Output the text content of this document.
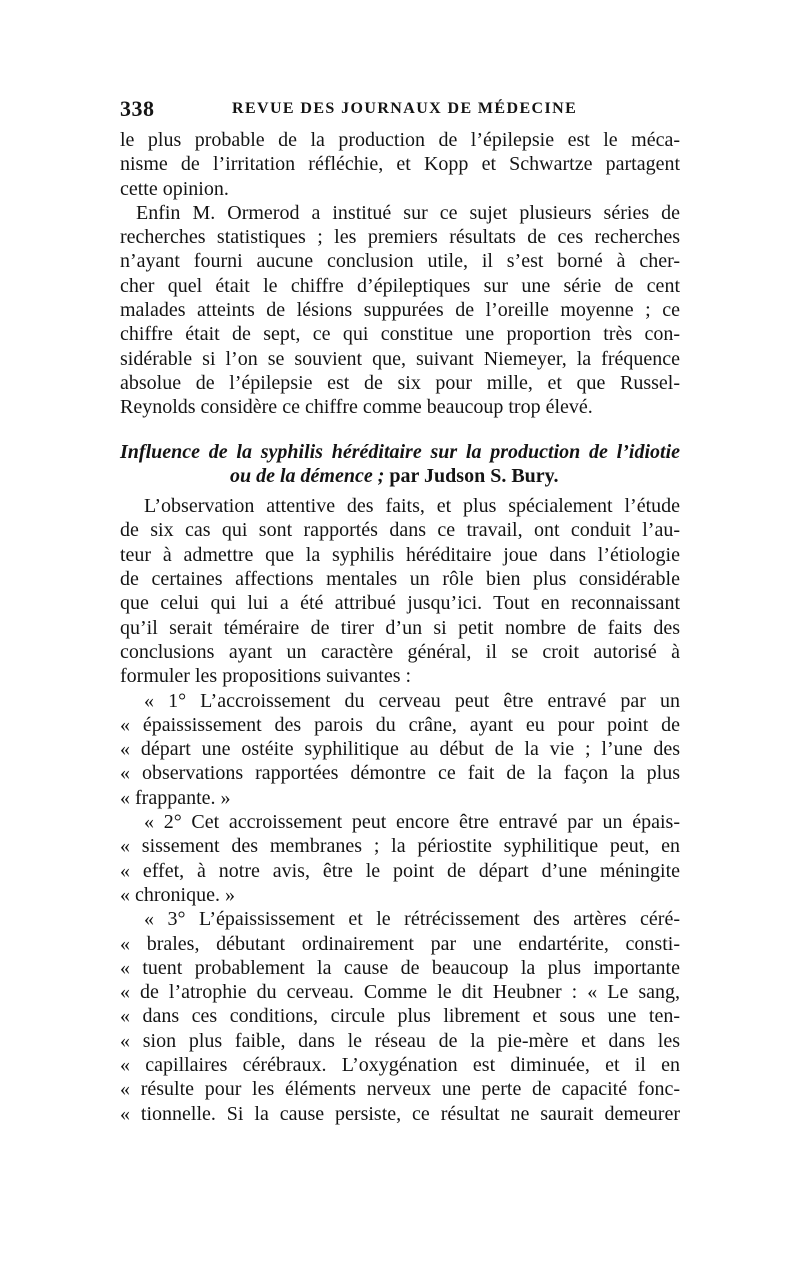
338	REVUE DES JOURNAUX DE MÉDECINE
le plus probable de la production de l’épilepsie est le méca-
nisme de l’irritation réfléchie, et Kopp et Schwartze partagent
cette opinion.
Enfin M. Ormerod a institué sur ce sujet plusieurs séries de
recherches statistiques ; les premiers résultats de ces recherches
n’ayant fourni aucune conclusion utile, il s’est borné à cher-
cher quel était le chiffre d’épileptiques sur une série de cent
malades atteints de lésions suppurées de l’oreille moyenne ; ce
chiffre était de sept, ce qui constitue une proportion très con-
sidérable si l’on se souvient que, suivant Niemeyer, la fréquence
absolue de l’épilepsie est de six pour mille, et que Russel-
Reynolds considère ce chiffre comme beaucoup trop élevé.
Influence de la syphilis héréditaire sur la production de l’idiotie
ou de la démence ; par Judson S. Bury.
L’observation attentive des faits, et plus spécialement l’étude
de six cas qui sont rapportés dans ce travail, ont conduit l’au-
teur à admettre que la syphilis héréditaire joue dans l’étiologie
de certaines affections mentales un rôle bien plus considérable
que celui qui lui a été attribué jusqu’ici. Tout en reconnaissant
qu’il serait téméraire de tirer d’un si petit nombre de faits des
conclusions ayant un caractère général, il se croit autorisé à
formuler les propositions suivantes :
« 1° L’accroissement du cerveau peut être entravé par un
« épaississement des parois du crâne, ayant eu pour point de
« départ une ostéite syphilitique au début de la vie ; l’une des
« observations rapportées démontre ce fait de la façon la plus
« frappante. »
« 2° Cet accroissement peut encore être entravé par un épais-
« sissement des membranes ; la périostite syphilitique peut, en
« effet, à notre avis, être le point de départ d’une méningite
« chronique. »
« 3° L’épaississement et le rétrécissement des artères céré-
« brales, débutant ordinairement par une endartérite, consti-
« tuent probablement la cause de beaucoup la plus importante
« de l’atrophie du cerveau. Comme le dit Heubner : « Le sang,
« dans ces conditions, circule plus librement et sous une ten-
« sion plus faible, dans le réseau de la pie-mère et dans les
« capillaires cérébraux. L’oxygénation est diminuée, et il en
« résulte pour les éléments nerveux une perte de capacité fonc-
« tionnelle. Si la cause persiste, ce résultat ne saurait demeurer
